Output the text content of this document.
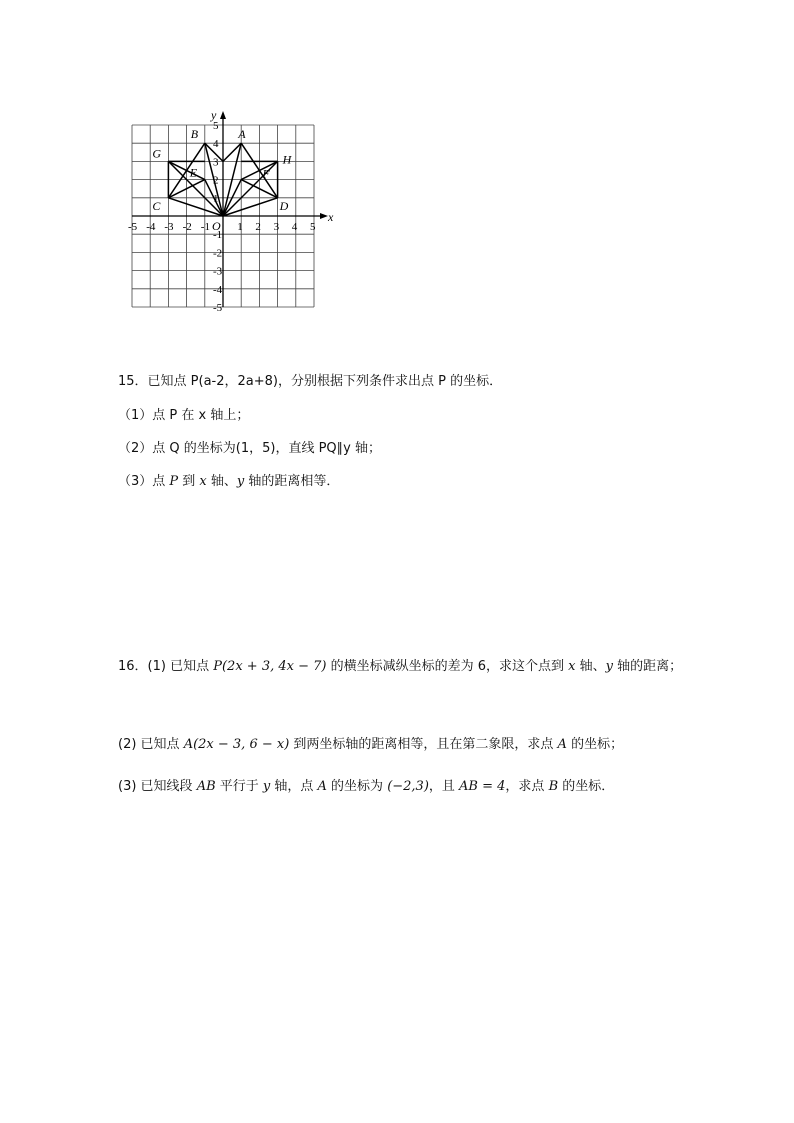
x
y
-5 -4 -3 -2 -1 1 2 3 4 5
5
4
3
2
1
-1
-2
-3
-4
-5
O
A
B
G	H
E	F
C	D
15．已知点 P(a-2，2a+8)，分别根据下列条件求出点 P 的坐标．
（1）点 P 在 x 轴上；
（2）点 Q 的坐标为(1，5)，直线 PQ∥y 轴；
（3）点 P 到 x 轴、y 轴的距离相等．
16．(1) 已知点 P(2x + 3, 4x − 7) 的横坐标减纵坐标的差为 6，求这个点到 x 轴、y 轴的距离；
(2) 已知点 A(2x − 3, 6 − x) 到两坐标轴的距离相等，且在第二象限，求点 A 的坐标；
(3) 已知线段 AB 平行于 y 轴，点 A 的坐标为 (−2,3)，且 AB = 4，求点 B 的坐标．
